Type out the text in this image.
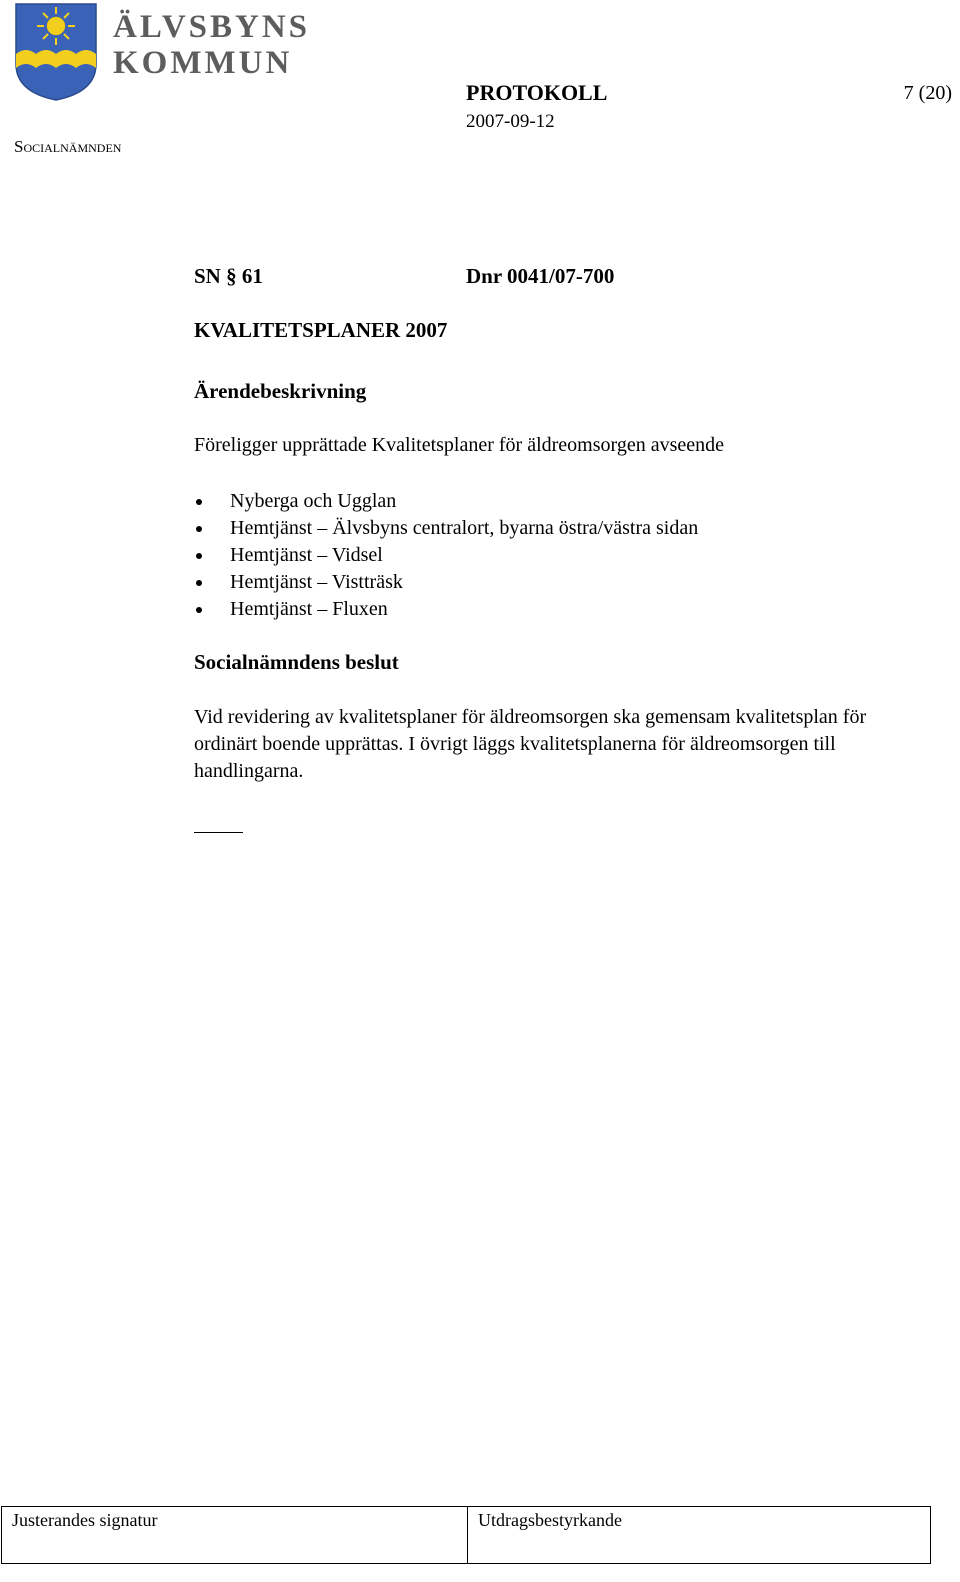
ÄLVSBYNS
KOMMUN
PROTOKOLL
2007-09-12
7 (20)
Socialnämnden
SN § 61	Dnr 0041/07-700
KVALITETSPLANER 2007
Ärendebeskrivning
Föreligger upprättade Kvalitetsplaner för äldreomsorgen avseende
Nyberga och Ugglan
Hemtjänst – Älvsbyns centralort, byarna östra/västra sidan
Hemtjänst – Vidsel
Hemtjänst – Vistträsk
Hemtjänst – Fluxen
Socialnämndens beslut
Vid revidering av kvalitetsplaner för äldreomsorgen ska gemensam kvalitetsplan för ordinärt boende upprättas. I övrigt läggs kvalitetsplanerna för äldreomsorgen till handlingarna.
Justerandes signatur	Utdragsbestyrkande
